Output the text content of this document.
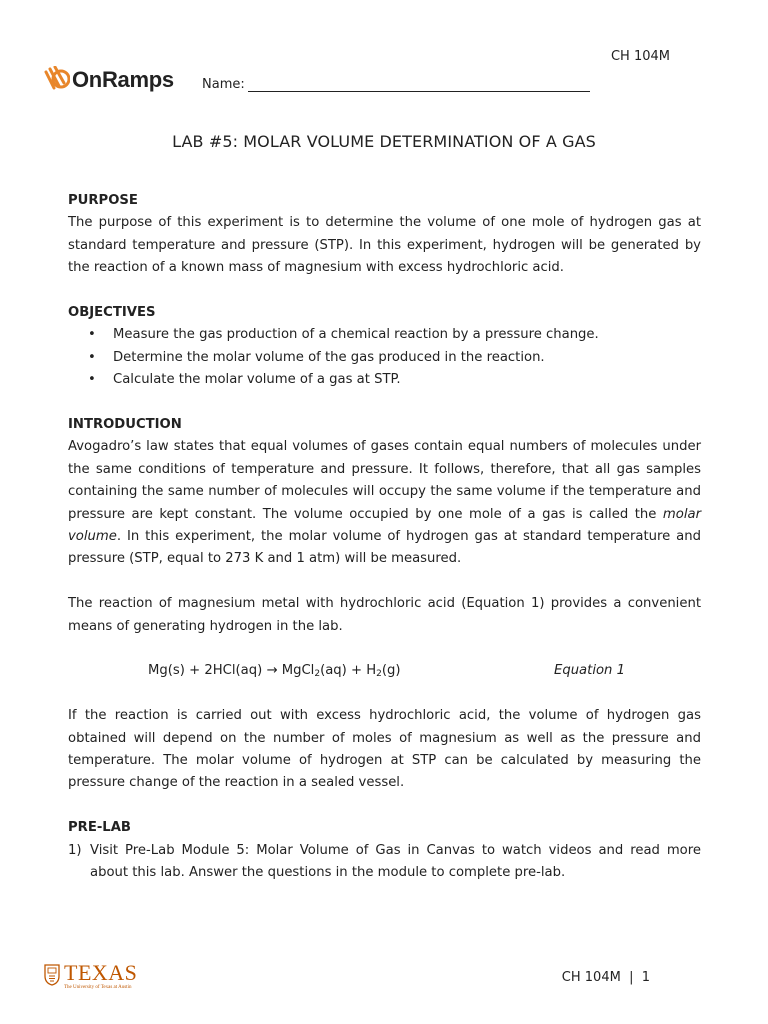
CH 104M
OnRamps Name:
LAB #5: MOLAR VOLUME DETERMINATION OF A GAS
PURPOSE

The purpose of this experiment is to determine the volume of one mole of hydrogen gas at standard temperature and pressure (STP). In this experiment, hydrogen will be generated by the reaction of a known mass of magnesium with excess hydrochloric acid.

OBJECTIVES
• Measure the gas production of a chemical reaction by a pressure change.
• Determine the molar volume of the gas produced in the reaction.
• Calculate the molar volume of a gas at STP.
INTRODUCTION

Avogadro’s law states that equal volumes of gases contain equal numbers of molecules under the same conditions of temperature and pressure. It follows, therefore, that all gas samples containing the same number of molecules will occupy the same volume if the temperature and pressure are kept constant. The volume occupied by one mole of a gas is called the molar volume. In this experiment, the molar volume of hydrogen gas at standard temperature and pressure (STP, equal to 273 K and 1 atm) will be measured.

The reaction of magnesium metal with hydrochloric acid (Equation 1) provides a convenient means of generating hydrogen in the lab.

Mg(s) + 2HCl(aq) → MgCl$_2$(aq) + $H_2(g)$	Equation 1

If the reaction is carried out with excess hydrochloric acid, the volume of hydrogen gas obtained will depend on the number of moles of magnesium as well as the pressure and temperature. The molar volume of hydrogen at STP can be calculated by measuring the pressure change of the reaction in a sealed vessel.

PRE-LAB
1) Visit Pre-Lab Module 5: Molar Volume of Gas in Canvas to watch videos and read more about this lab. Answer the questions in the module to complete pre-lab.
TEXAS
The University of Texas at Austin
CH 104M  |  1
